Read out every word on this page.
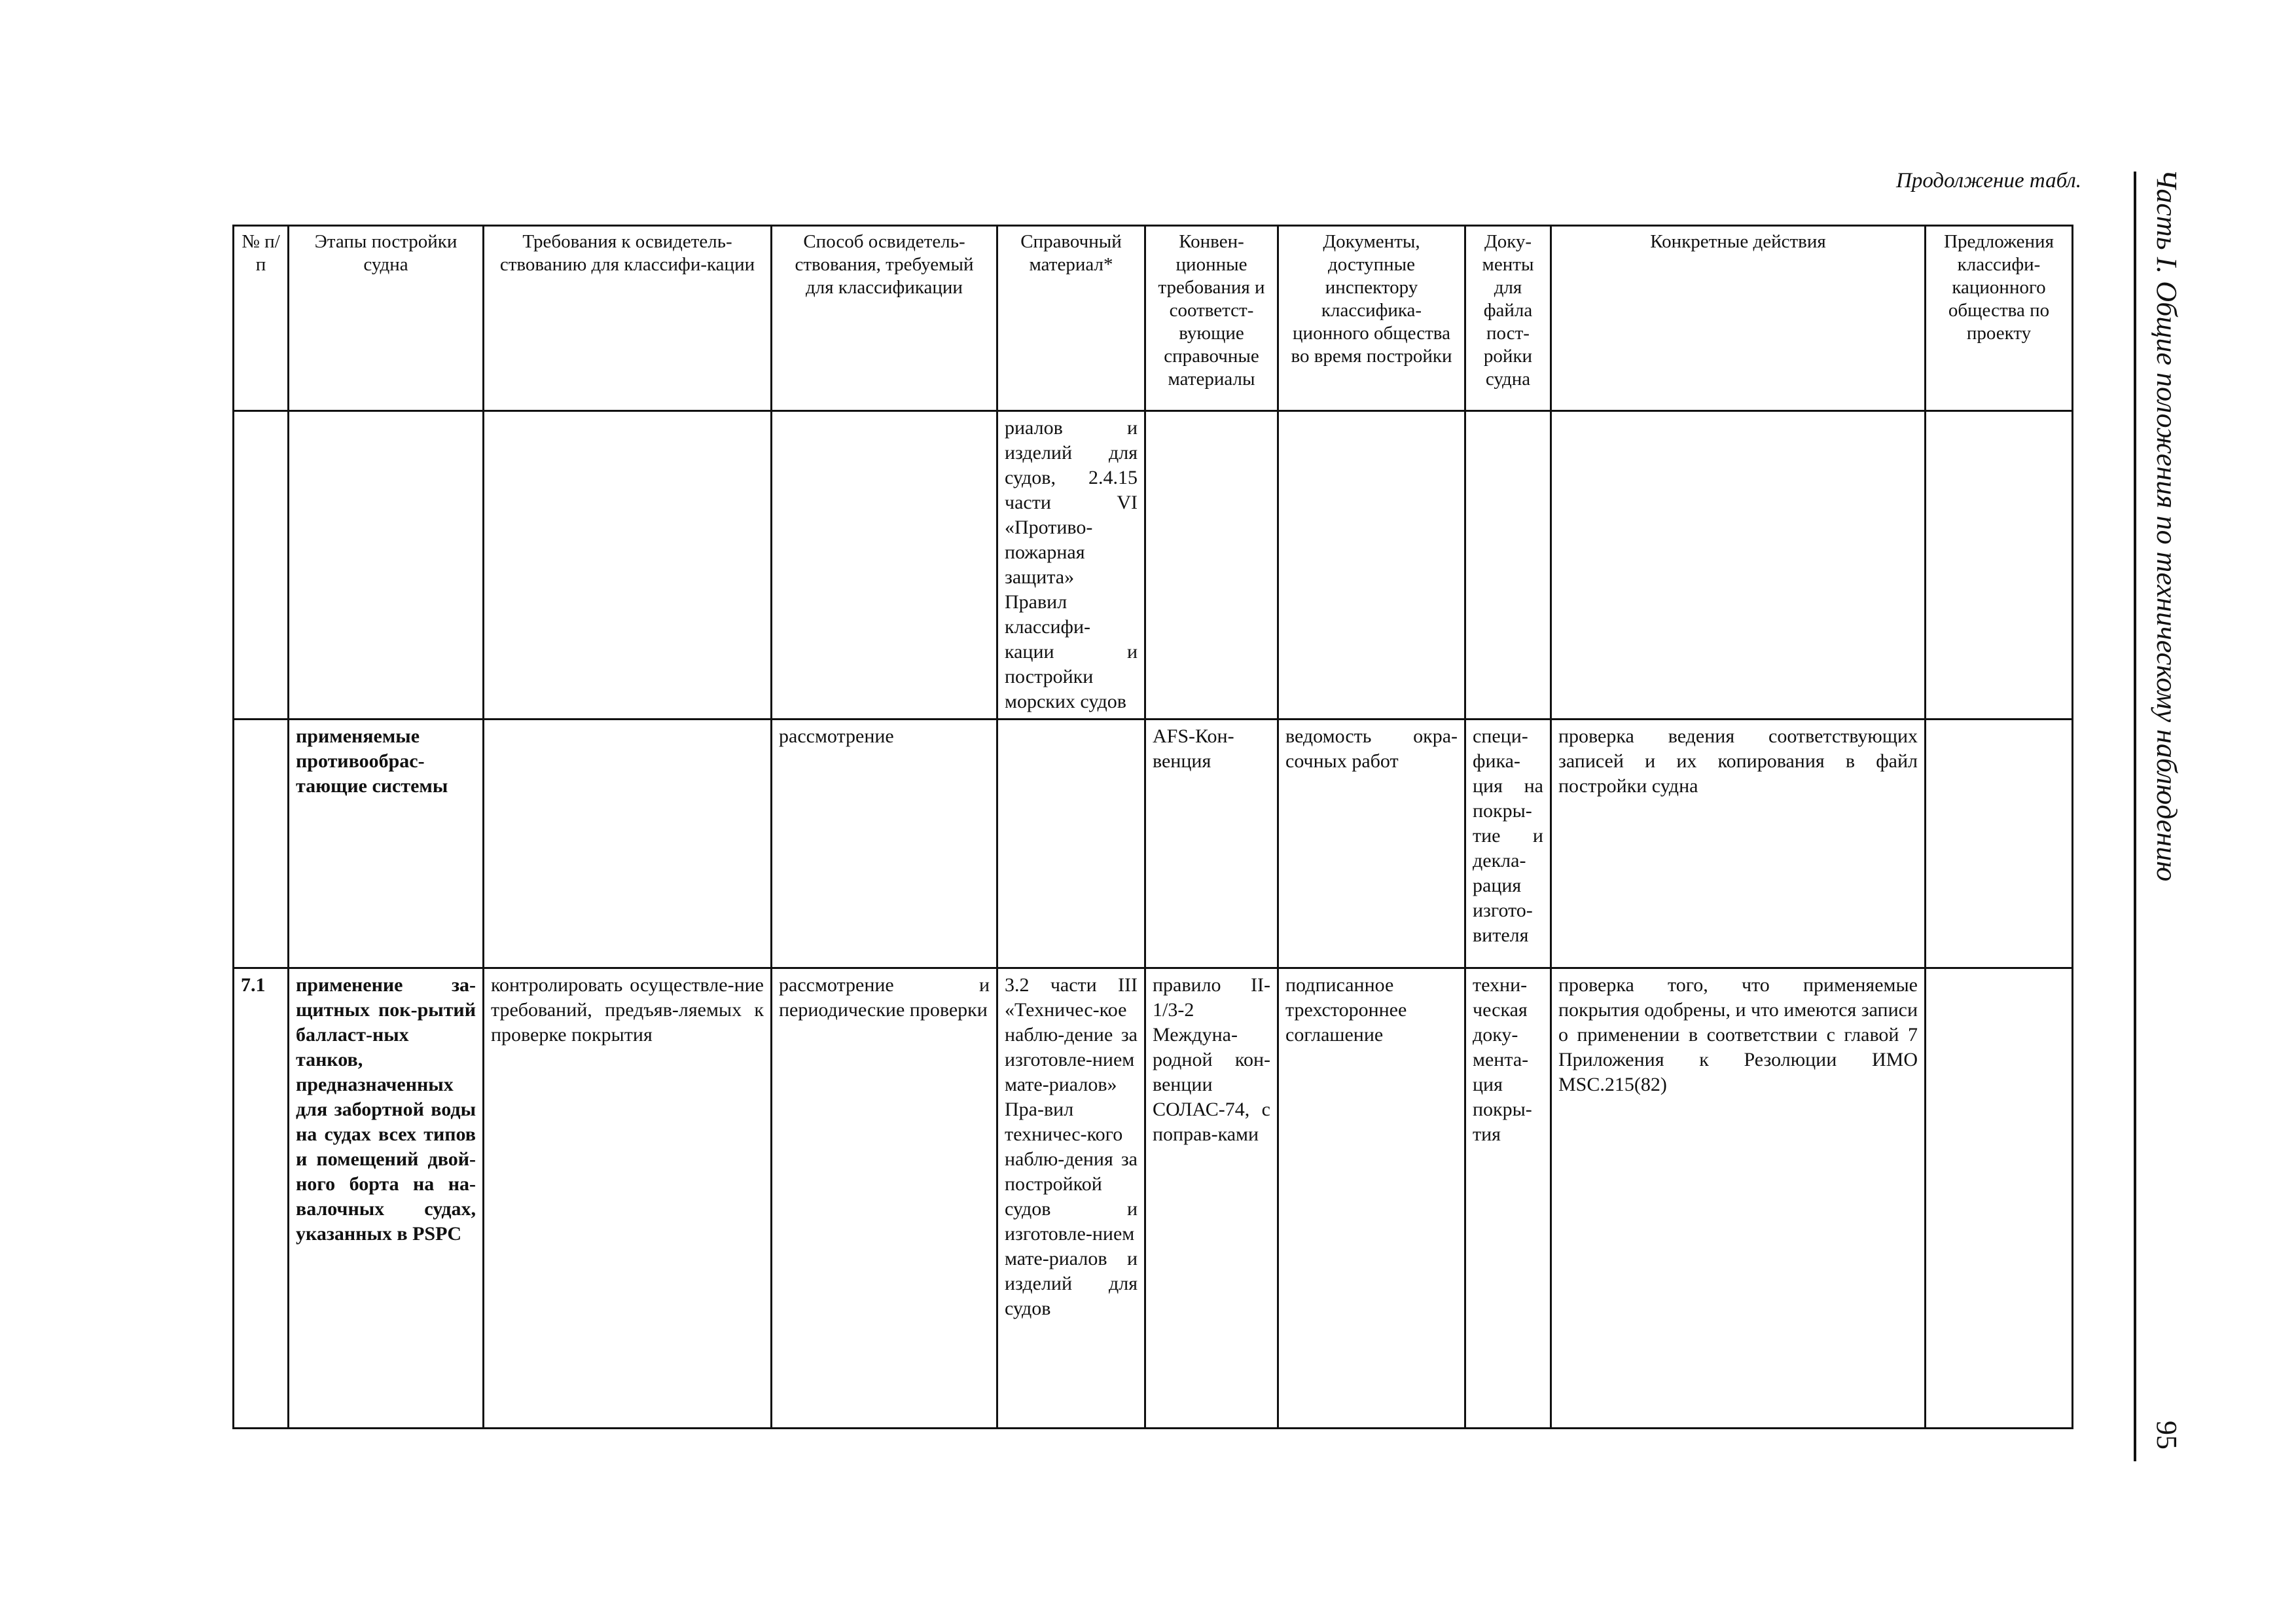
Продолжение табл.	Часть I. Общие положения по техническому наблюдению
95
№ п/п	Этапы постройки судна	Требования к освидетель-ствованию для классифи-кации	Способ освидетель-ствования, требуемый для классификации	Справочный материал*	Конвен-ционные требования и соответст-вующие справочные материалы	Документы, доступные инспектору классифика-ционного общества во время постройки	Доку-менты для файла пост-ройки судна	Конкретные действия	Предложения классифи-кационного общества по проекту
				риалов и изделий для судов, 2.4.15 части VI «Противо-пожарная защита» Правил классифи-кации и постройки морских судов					
	применяемые противообрас-тающие системы		рассмотрение		AFS-Кон-венция	ведомость окра-сочных работ	специ-фика-ция на покры-тие и декла-рация изгото-вителя	проверка ведения соответствующих записей и их копирования в файл постройки судна	
7.1	применение за-щитных пок-рытий балласт-ных танков, предназначенных для забортной воды на судах всех типов и помещений двой-ного борта на на-валочных судах, указанных в PSPC	контролировать осуществле-ние требований, предъяв-ляемых к проверке покрытия	рассмотрение и периодические проверки	3.2 части III «Техничес-кое наблю-дение за изготовле-нием мате-риалов» Пра-вил техничес-кого наблю-дения за постройкой судов и изготовле-нием мате-риалов и изделий для судов	правило II-1/3-2 Междуна-родной кон-венции СОЛАС-74, с поправ-ками	подписанное трехстороннее соглашение	техни-ческая доку-мента-ция покры-тия	проверка того, что применяемые покрытия одобрены, и что имеются записи о применении в соответствии с главой 7 Приложения к Резолюции ИМО MSC.215(82)	
